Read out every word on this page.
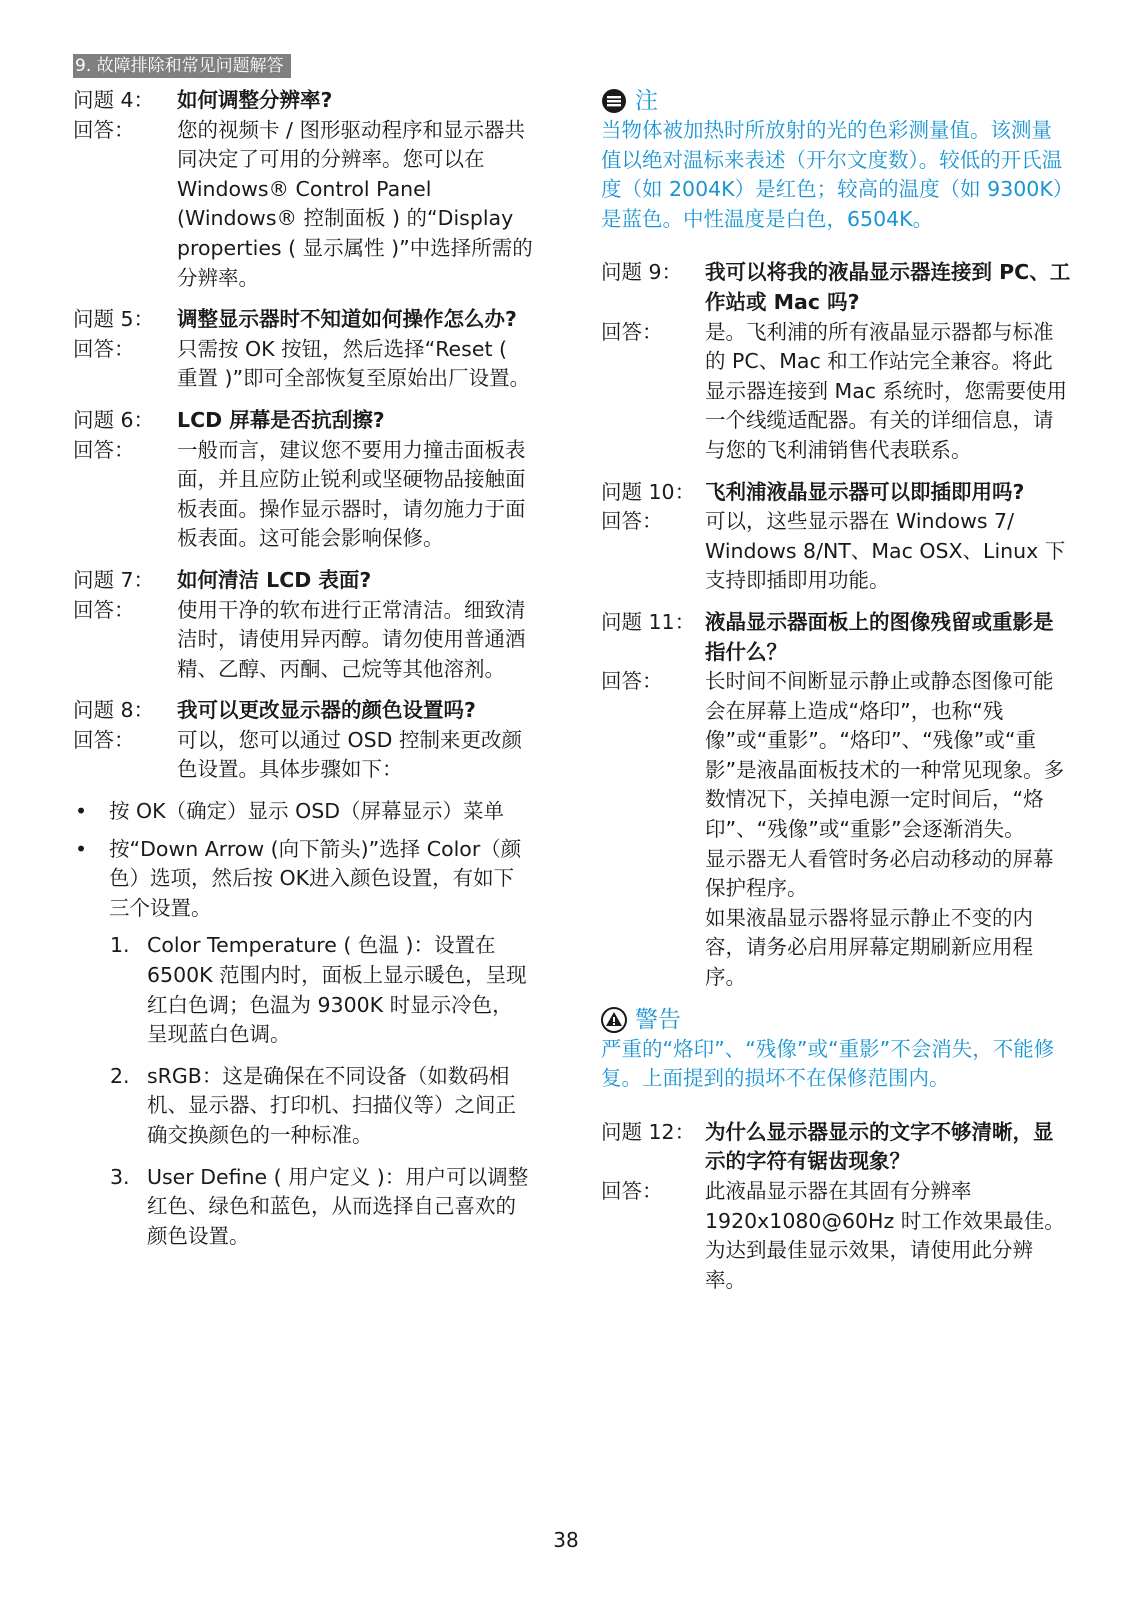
9. 故障排除和常见问题解答
问题 4：	如何调整分辨率?
回答：	您的视频卡 / 图形驱动程序和显示器共同决定了可用的分辨率。您可以在 Windows® Control Panel (Windows® 控制面板 ) 的“Display properties ( 显示属性 )”中选择所需的分辨率。
问题 5：	调整显示器时不知道如何操作怎么办?
回答：	只需按 OK 按钮，然后选择“Reset ( 重置 )”即可全部恢复至原始出厂设置。
问题 6：	LCD 屏幕是否抗刮擦?
回答：	一般而言，建议您不要用力撞击面板表面，并且应防止锐利或坚硬物品接触面板表面。操作显示器时，请勿施力于面板表面。这可能会影响保修。
问题 7：	如何清洁 LCD 表面?
回答：	使用干净的软布进行正常清洁。细致清洁时，请使用异丙醇。请勿使用普通酒精、乙醇、丙酮、己烷等其他溶剂。
问题 8：	我可以更改显示器的颜色设置吗?
回答：	可以，您可以通过 OSD 控制来更改颜色设置。具体步骤如下：
•	按 OK（确定）显示 OSD（屏幕显示）菜单
•	按“Down Arrow (向下箭头)”选择 Color（颜色）选项，然后按 OK进入颜色设置，有如下三个设置。
1. Color Temperature ( 色温 )：设置在 6500K 范围内时，面板上显示暖色，呈现红白色调；色温为 9300K 时显示冷色，呈现蓝白色调。
2. sRGB：这是确保在不同设备（如数码相机、显示器、打印机、扫描仪等）之间正确交换颜色的一种标准。
3. User Define ( 用户定义 )：用户可以调整红色、绿色和蓝色，从而选择自己喜欢的颜色设置。
注
当物体被加热时所放射的光的色彩测量值。该测量值以绝对温标来表述（开尔文度数）。较低的开氏温度（如 2004K）是红色；较高的温度（如 9300K）是蓝色。中性温度是白色，6504K。
问题 9：	我可以将我的液晶显示器连接到 PC、工作站或 Mac 吗?
回答：	是。飞利浦的所有液晶显示器都与标准的 PC、Mac 和工作站完全兼容。将此显示器连接到 Mac 系统时，您需要使用一个线缆适配器。有关的详细信息，请与您的飞利浦销售代表联系。
问题 10： 飞利浦液晶显示器可以即插即用吗?
回答：	可以，这些显示器在 Windows 7/ Windows 8/NT、Mac OSX、Linux 下支持即插即用功能。
问题 11： 液晶显示器面板上的图像残留或重影是指什么？
回答：	长时间不间断显示静止或静态图像可能会在屏幕上造成“烙印”，也称“残像”或“重影”。“烙印”、“残像”或“重影”是液晶面板技术的一种常见现象。多数情况下，关掉电源一定时间后，“烙印”、“残像”或“重影”会逐渐消失。
显示器无人看管时务必启动移动的屏幕保护程序。
如果液晶显示器将显示静止不变的内容，请务必启用屏幕定期刷新应用程序。
警告
严重的“烙印”、“残像”或“重影”不会消失，不能修复。上面提到的损坏不在保修范围内。
问题 12： 为什么显示器显示的文字不够清晰，显示的字符有锯齿现象？
回答：	此液晶显示器在其固有分辨率 1920x1080@60Hz 时工作效果最佳。为达到最佳显示效果，请使用此分辨率。
38
